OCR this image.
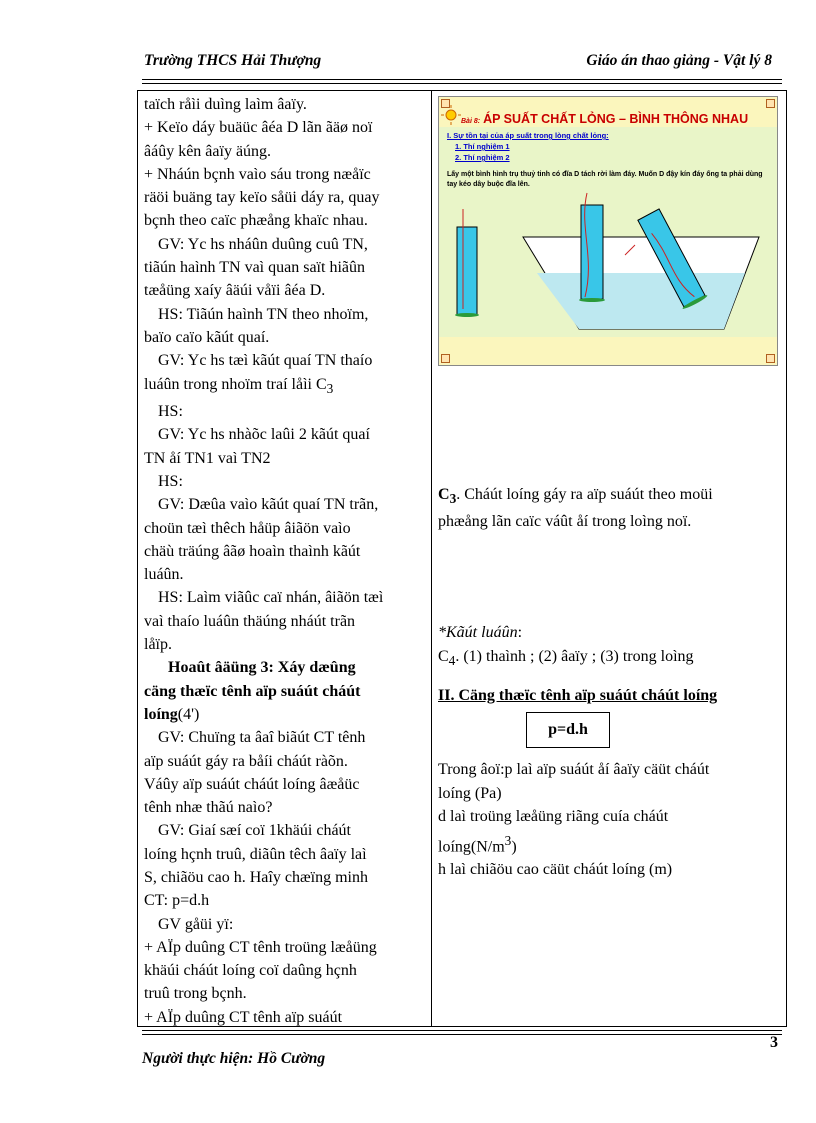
Trường THCS Hải Thượng	Giáo án thao giảng - Vật lý 8

taïch råìi duìng laìm âaïy.

+ Keïo dáy buäüc âéa D lãn ãäø noï

âáûy kên âaïy äúng.

+ Nháún bçnh vaìo sáu trong næåïc

räöi buäng tay keïo såüi dáy ra, quay

bçnh theo caïc phæång khaïc nhau.

GV: Yc hs nháûn duûng cuû TN,

tiãún haình TN vaì quan saït hiãûn

tæåüng xaíy âäúi våïi âéa D.

HS: Tiãún haình TN theo nhoïm,

baïo caïo kãút quaí.

GV: Yc hs tæì kãút quaí TN thaío

luáûn trong nhoïm traí låìi $C_3$

HS:

GV: Yc hs nhàõc laûi 2 kãút quaí

TN åí TN1 vaì TN2

HS:

GV: Dæûa vaìo kãút quaí TN trãn,

choün tæì thêch håüp âiãön vaìo

chäù träúng âãø hoaìn thaình kãút

luáûn.

HS: Laìm viãûc caï nhán, âiãön tæì

vaì thaío luáûn thäúng nháút trãn

låïp.

Hoaût âäüng 3: Xáy dæûng

cäng thæïc tênh aïp suáút cháút

loíng(4')

GV: Chuïng ta âaî biãút CT tênh

aïp suáút gáy ra båíi cháút ràõn.

Váûy aïp suáút cháút loíng âæåüc

tênh nhæ thãú naìo?

GV: Giaí sæí coï 1khäúi cháút

loíng hçnh truû, diãûn têch âaïy laì

S, chiãöu cao h. Haîy chæïng minh

CT: p=d.h

GV gåüi yï:

+ AÏp duûng CT tênh troüng læåüng

khäúi cháút loíng coï daûng hçnh

truû trong bçnh.

+ AÏp duûng CT tênh aïp suáút

Bài 8: ÁP SUẤT CHẤT LỎNG – BÌNH THÔNG NHAU
I. Sự tồn tại của áp suất trong lòng chất lỏng:
1. Thí nghiệm 1
2. Thí nghiệm 2
Lấy một bình hình trụ thuỷ tinh có đĩa D tách rời làm đáy. Muốn D đậy kín đáy ống ta phải dùng tay kéo dây buộc đĩa lên.

$C_3$. Cháút loíng gáy ra aïp suáút theo moüi

phæång lãn caïc váût åí trong loìng noï.

*Kãút luáûn:

$C_4$. (1) thaình ; (2) âaïy ; (3) trong loìng

II. Cäng thæïc tênh aïp suáút cháút loíng

Trong âoï:p laì aïp suáút åí âaïy cäüt cháút

loíng (Pa)

d laì troüng læåüng riãng cuía cháút

$loíng(N/m^3)$

h laì chiãöu cao cäüt cháút loíng (m)

p=d.h
3
Người thực hiện: Hồ Cường
